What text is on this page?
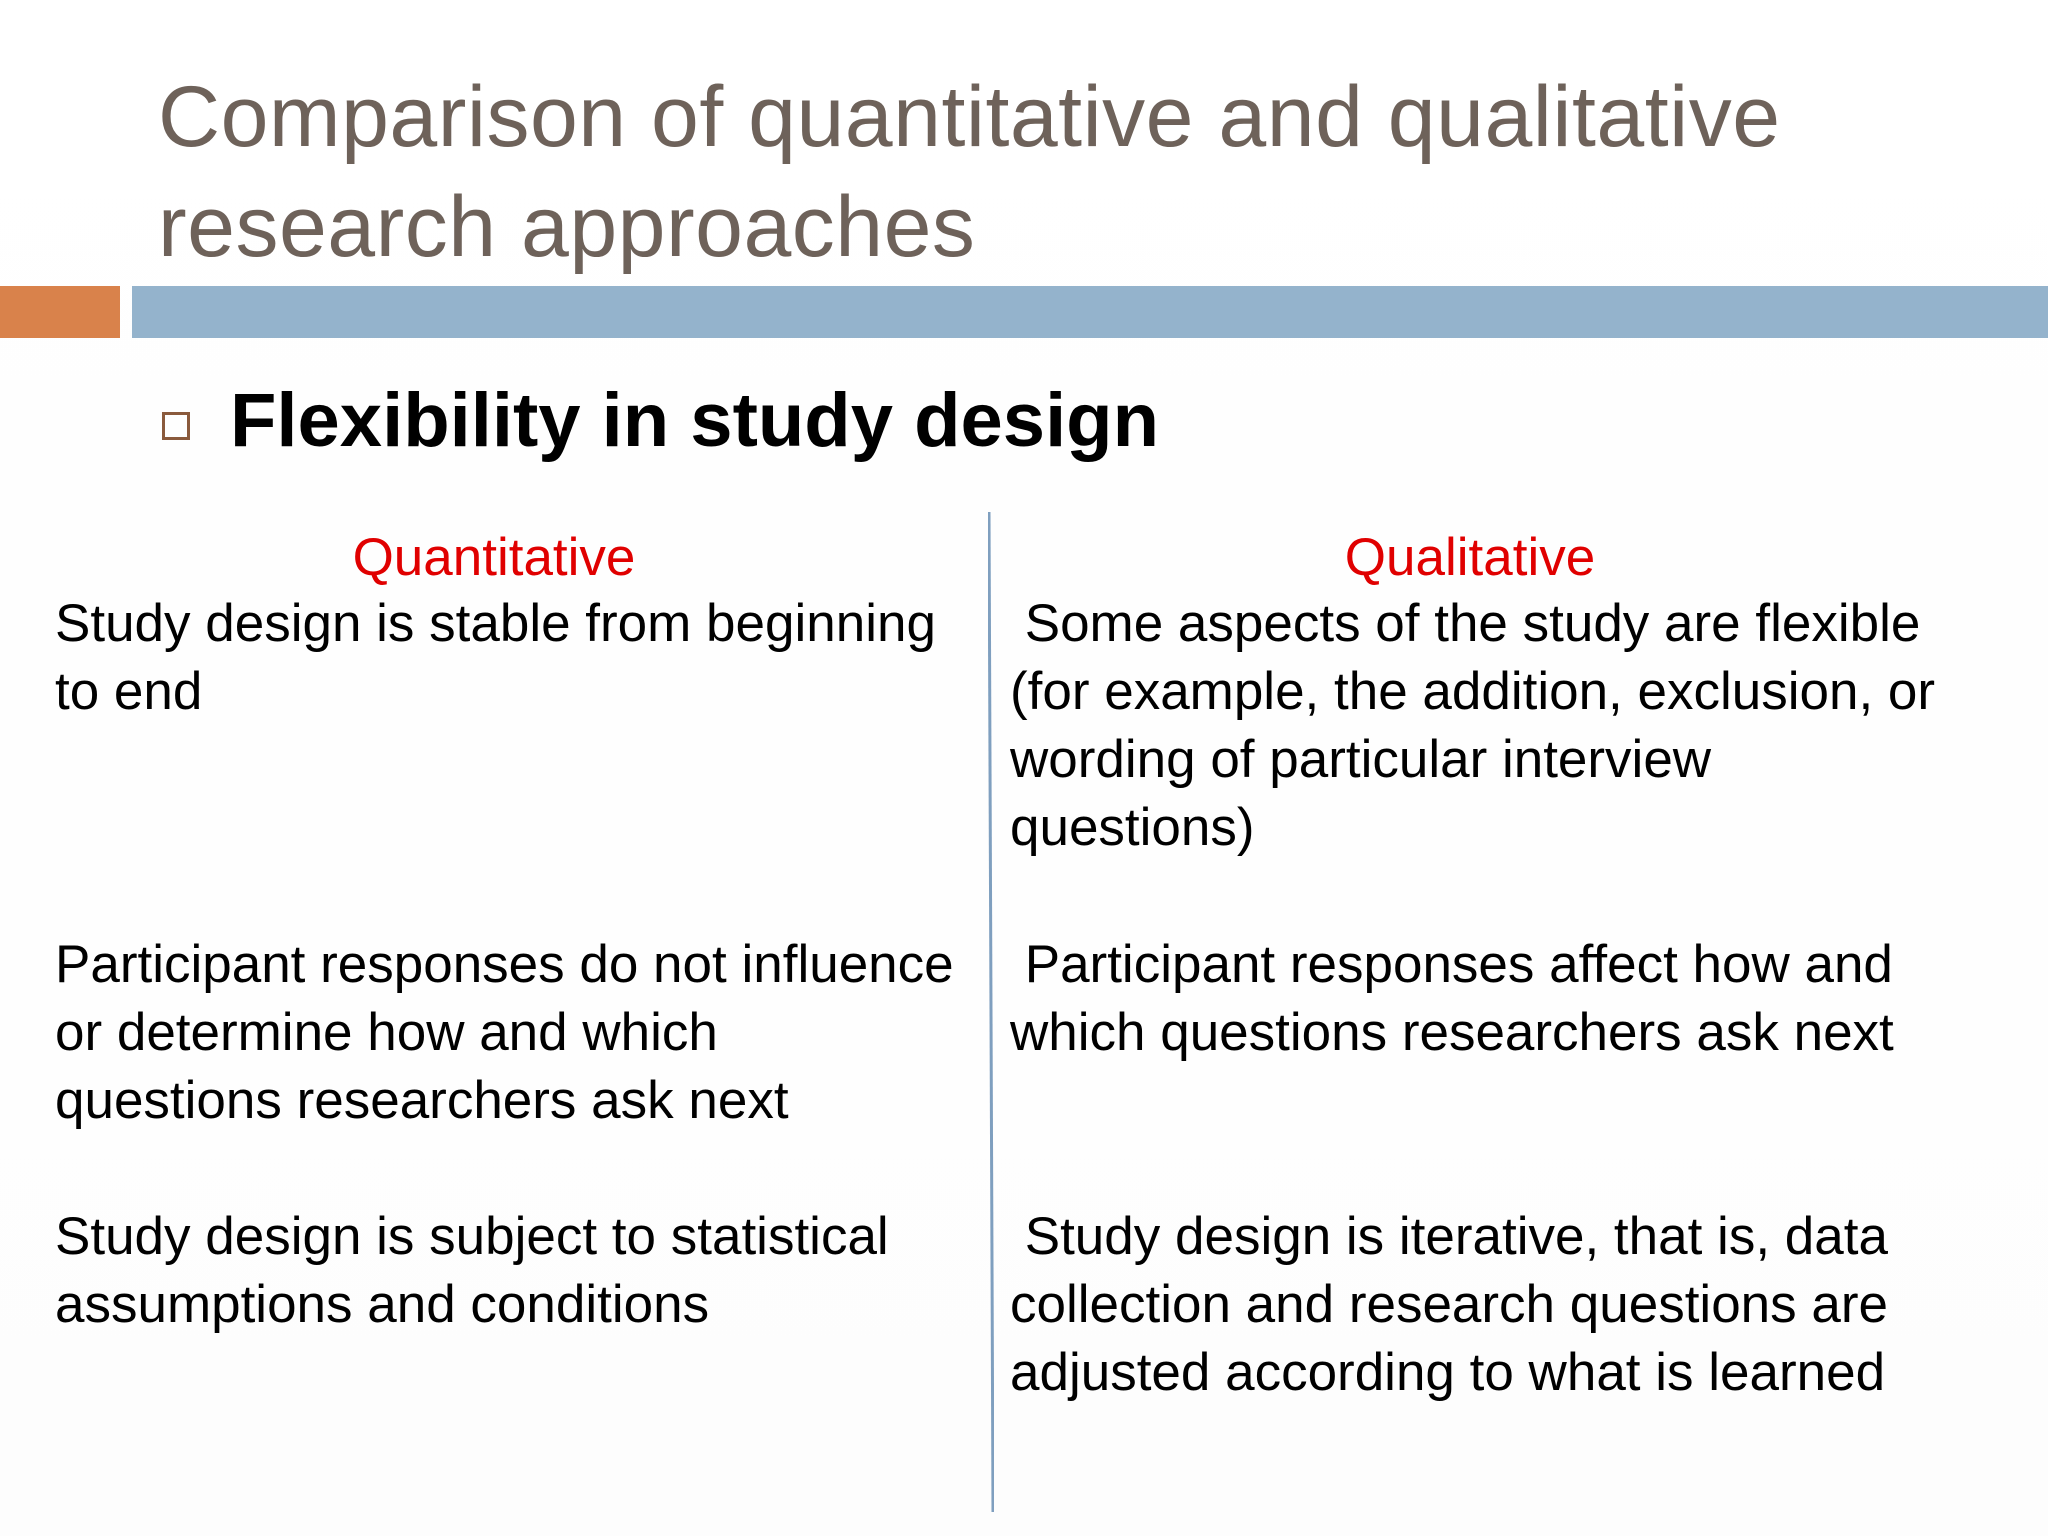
Comparison of quantitative and qualitative research approaches
Flexibility in study design
Quantitative
Study design is stable from beginning to end
Participant responses do not influence or determine how and which questions researchers ask next
Study design is subject to statistical assumptions and conditions
Qualitative
Some aspects of the study are flexible (for example, the addition, exclusion, or wording of particular interview questions)
Participant responses affect how and which questions researchers ask next
Study design is iterative, that is, data collection and research questions are adjusted according to what is learned
